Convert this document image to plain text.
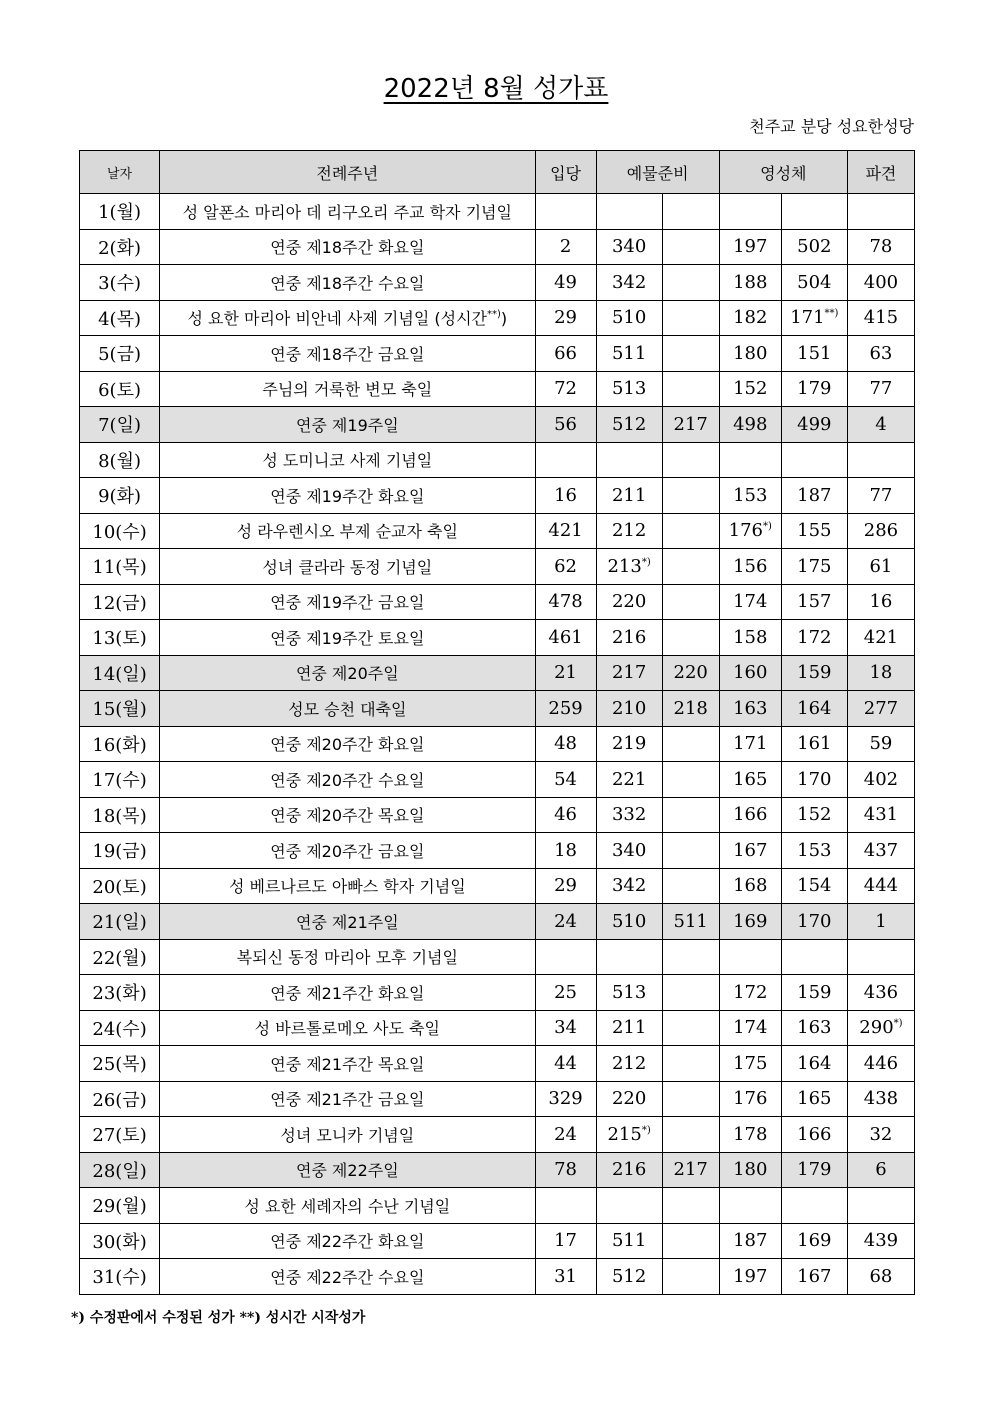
2022년 8월 성가표
천주교 분당 성요한성당
날자	전례주년	입당	예물준비		영성체		파견
1(월)	성 알폰소 마리아 데 리구오리 주교 학자 기념일						
2(화)	연중 제18주간 화요일	2	340		197	502	78
3(수)	연중 제18주간 수요일	49	342		188	504	400
4(목)	성 요한 마리아 비안네 사제 기념일 (성시간**))	29	510		182	171**)	415
5(금)	연중 제18주간 금요일	66	511		180	151	63
6(토)	주님의 거룩한 변모 축일	72	513		152	179	77
7(일)	연중 제19주일	56	512	217	498	499	4
8(월)	성 도미니코 사제 기념일						
9(화)	연중 제19주간 화요일	16	211		153	187	77
10(수)	성 라우렌시오 부제 순교자 축일	421	212		176*)	155	286
11(목)	성녀 클라라 동정 기념일	62	213*)		156	175	61
12(금)	연중 제19주간 금요일	478	220		174	157	16
13(토)	연중 제19주간 토요일	461	216		158	172	421
14(일)	연중 제20주일	21	217	220	160	159	18
15(월)	성모 승천 대축일	259	210	218	163	164	277
16(화)	연중 제20주간 화요일	48	219		171	161	59
17(수)	연중 제20주간 수요일	54	221		165	170	402
18(목)	연중 제20주간 목요일	46	332		166	152	431
19(금)	연중 제20주간 금요일	18	340		167	153	437
20(토)	성 베르나르도 아빠스 학자 기념일	29	342		168	154	444
21(일)	연중 제21주일	24	510	511	169	170	1
22(월)	복되신 동정 마리아 모후 기념일						
23(화)	연중 제21주간 화요일	25	513		172	159	436
24(수)	성 바르톨로메오 사도 축일	34	211		174	163	290*)
25(목)	연중 제21주간 목요일	44	212		175	164	446
26(금)	연중 제21주간 금요일	329	220		176	165	438
27(토)	성녀 모니카 기념일	24	215*)		178	166	32
28(일)	연중 제22주일	78	216	217	180	179	6
29(월)	성 요한 세례자의 수난 기념일						
30(화)	연중 제22주간 화요일	17	511		187	169	439
31(수)	연중 제22주간 수요일	31	512		197	167	68
*) 수정판에서 수정된 성가 **) 성시간 시작성가
